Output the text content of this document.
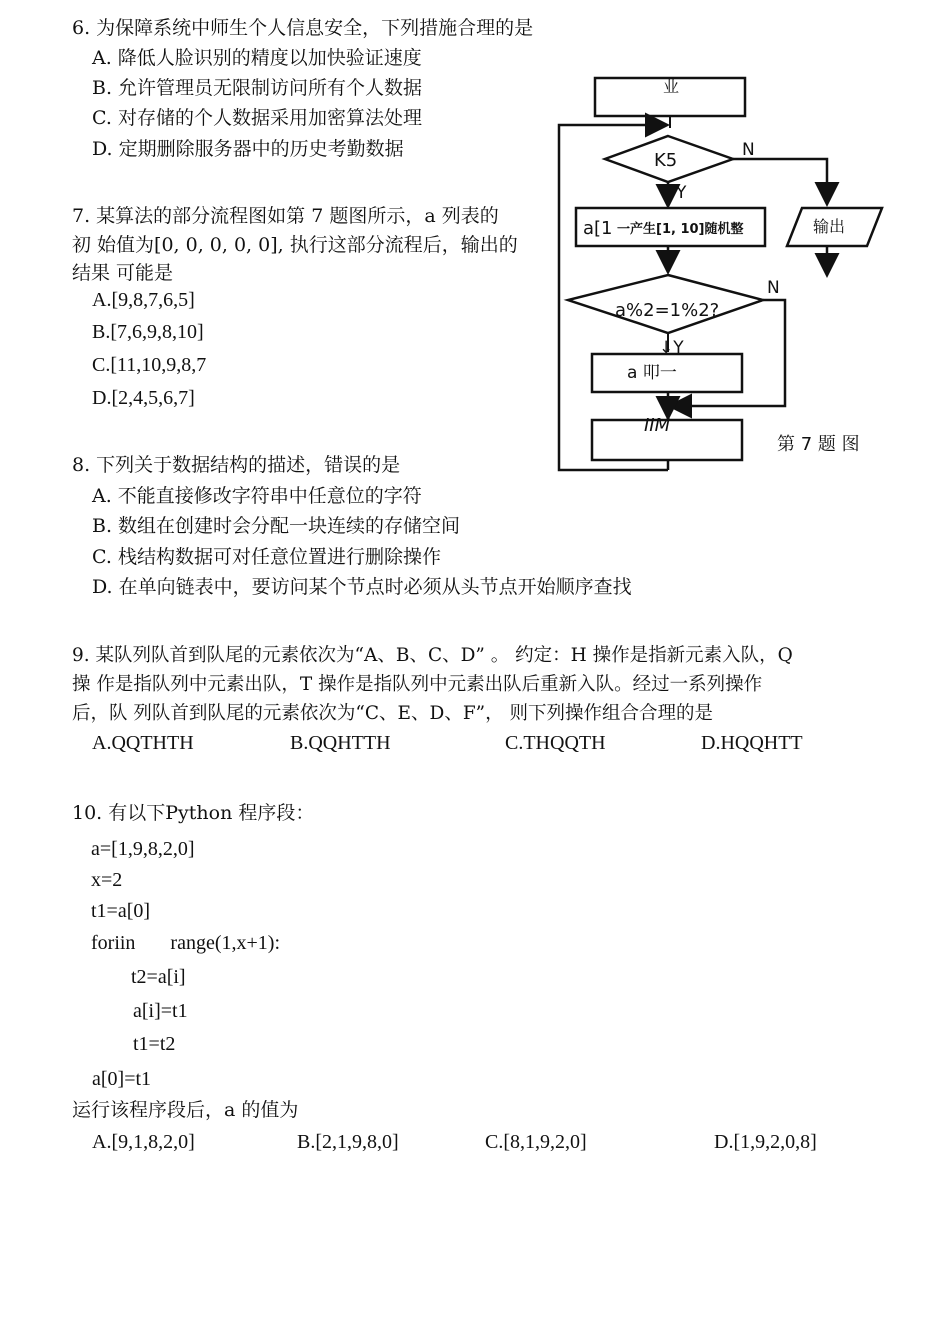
6. 为保障系统中师生个人信息安全，下列措施合理的是
A. 降低人脸识别的精度以加快验证速度
B. 允许管理员无限制访问所有个人数据
C. 对存储的个人数据采用加密算法处理
D. 定期删除服务器中的历史考勤数据
7. 某算法的部分流程图如第 7 题图所示，a 列表的
初 始值为[0, 0, 0, 0, 0], 执行这部分流程后，输出的
结果 可能是
A.[9,8,7,6,5]
B.[7,6,9,8,10]
C.[11,10,9,8,7
D.[2,4,5,6,7]
业
K5	N
Y
a[1 一产生[1, 10]随机整	输出
a%2=1%2?
N
↓Y
a 叩一
IIM
第 7 题 图
8. 下列关于数据结构的描述，错误的是
A. 不能直接修改字符串中任意位的字符
B. 数组在创建时会分配一块连续的存储空间
C. 栈结构数据可对任意位置进行删除操作
D. 在单向链表中，要访问某个节点时必须从头节点开始顺序查找
9. 某队列队首到队尾的元素依次为“A、B、C、D” 。 约定：H 操作是指新元素入队，Q
操 作是指队列中元素出队，T 操作是指队列中元素出队后重新入队。经过一系列操作
后，队 列队首到队尾的元素依次为“C、E、D、F”， 则下列操作组合合理的是
A.QQTHTH	B.QQHTTH	C.THQQTH	D.HQQHTT
10. 有以下Python 程序段：
a=[1,9,8,2,0]
x=2
t1=a[0]
foriin       range(1,x+1):
t2=a[i]
a[i]=t1
t1=t2
a[0]=t1
运行该程序段后，a 的值为
A.[9,1,8,2,0]	B.[2,1,9,8,0]	C.[8,1,9,2,0]	D.[1,9,2,0,8]
